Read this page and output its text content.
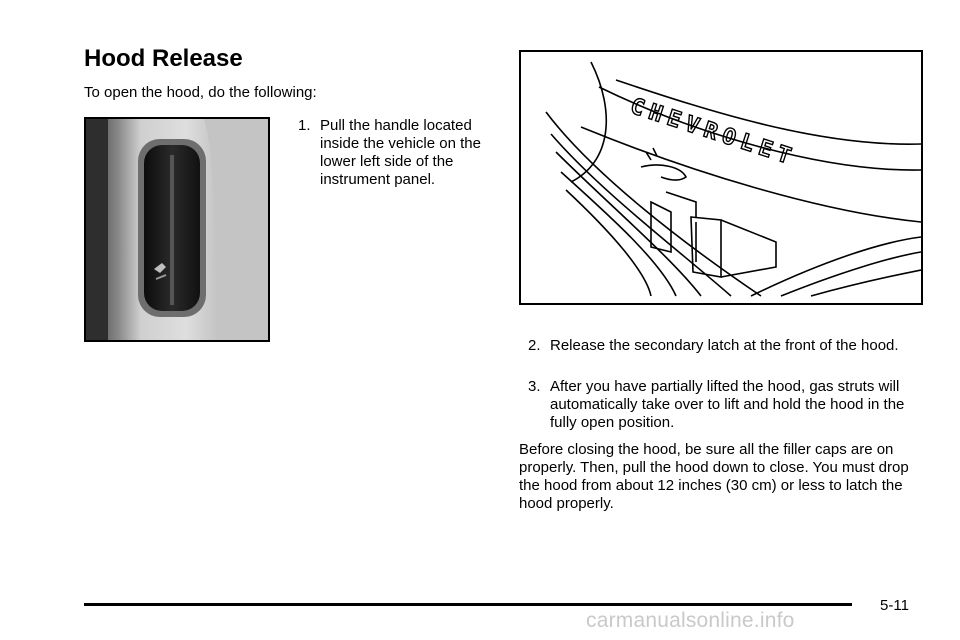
Hood Release
To open the hood, do the following:
1. Pull the handle located inside the vehicle on the lower left side of the instrument panel.
CHEVROLET
2. Release the secondary latch at the front of the hood.
3. After you have partially lifted the hood, gas struts will automatically take over to lift and hold the hood in the fully open position.
Before closing the hood, be sure all the filler caps are on properly. Then, pull the hood down to close. You must drop the hood from about 12 inches (30 cm) or less to latch the hood properly.
5-11
carmanualsonline.info
